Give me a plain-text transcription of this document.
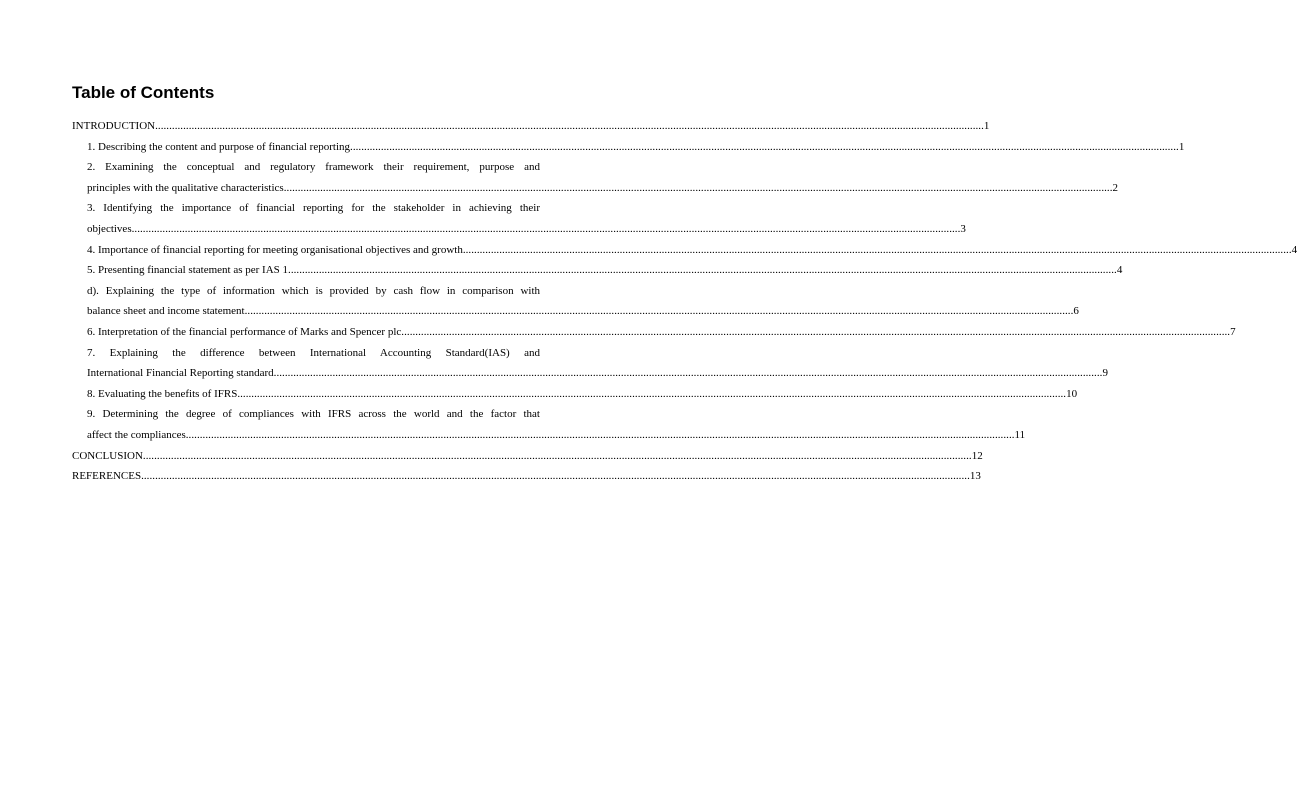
Table of Contents
INTRODUCTION .....	1
1. Describing the content and purpose of financial reporting .....	1
2. Examining the conceptual and regulatory framework their requirement, purpose and
principles with the qualitative characteristics .....	2
3. Identifying the importance of financial reporting for the stakeholder in achieving their
objectives .....	3
4. Importance of financial reporting for meeting organisational objectives and growth .....	4
5. Presenting financial statement as per IAS 1 .....	4
d). Explaining the type of information which is provided by cash flow in comparison with
balance sheet and income statement .....	6
6. Interpretation of the financial performance of Marks and Spencer plc .....	7
7. Explaining the difference between International Accounting Standard(IAS) and
International Financial Reporting standard .....	9
8. Evaluating the benefits of IFRS .....	10
9. Determining the degree of compliances with IFRS across the world and the factor that
affect the compliances .....	11
CONCLUSION .....	12
REFERENCES .....	13
